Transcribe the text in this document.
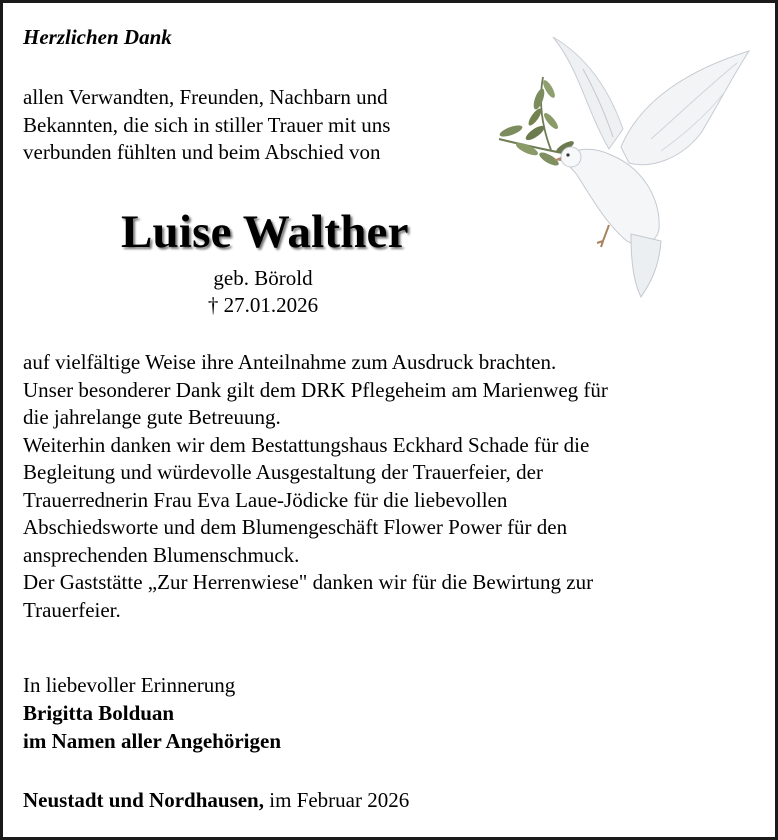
Herzlichen Dank
allen Verwandten, Freunden, Nachbarn und
Bekannten, die sich in stiller Trauer mit uns
verbunden fühlten und beim Abschied von
Luise Walther
geb. Börold
† 27.01.2026
auf vielfältige Weise ihre Anteilnahme zum Ausdruck brachten.
Unser besonderer Dank gilt dem DRK Pflegeheim am Marienweg für
die jahrelange gute Betreuung.
Weiterhin danken wir dem Bestattungshaus Eckhard Schade für die
Begleitung und würdevolle Ausgestaltung der Trauerfeier, der
Trauerrednerin Frau Eva Laue-Jödicke für die liebevollen
Abschiedsworte und dem Blumengeschäft Flower Power für den
ansprechenden Blumenschmuck.
Der Gaststätte „Zur Herrenwiese" danken wir für die Bewirtung zur
Trauerfeier.
In liebevoller Erinnerung
Brigitta Bolduan
im Namen aller Angehörigen
Neustadt und Nordhausen, im Februar 2026
